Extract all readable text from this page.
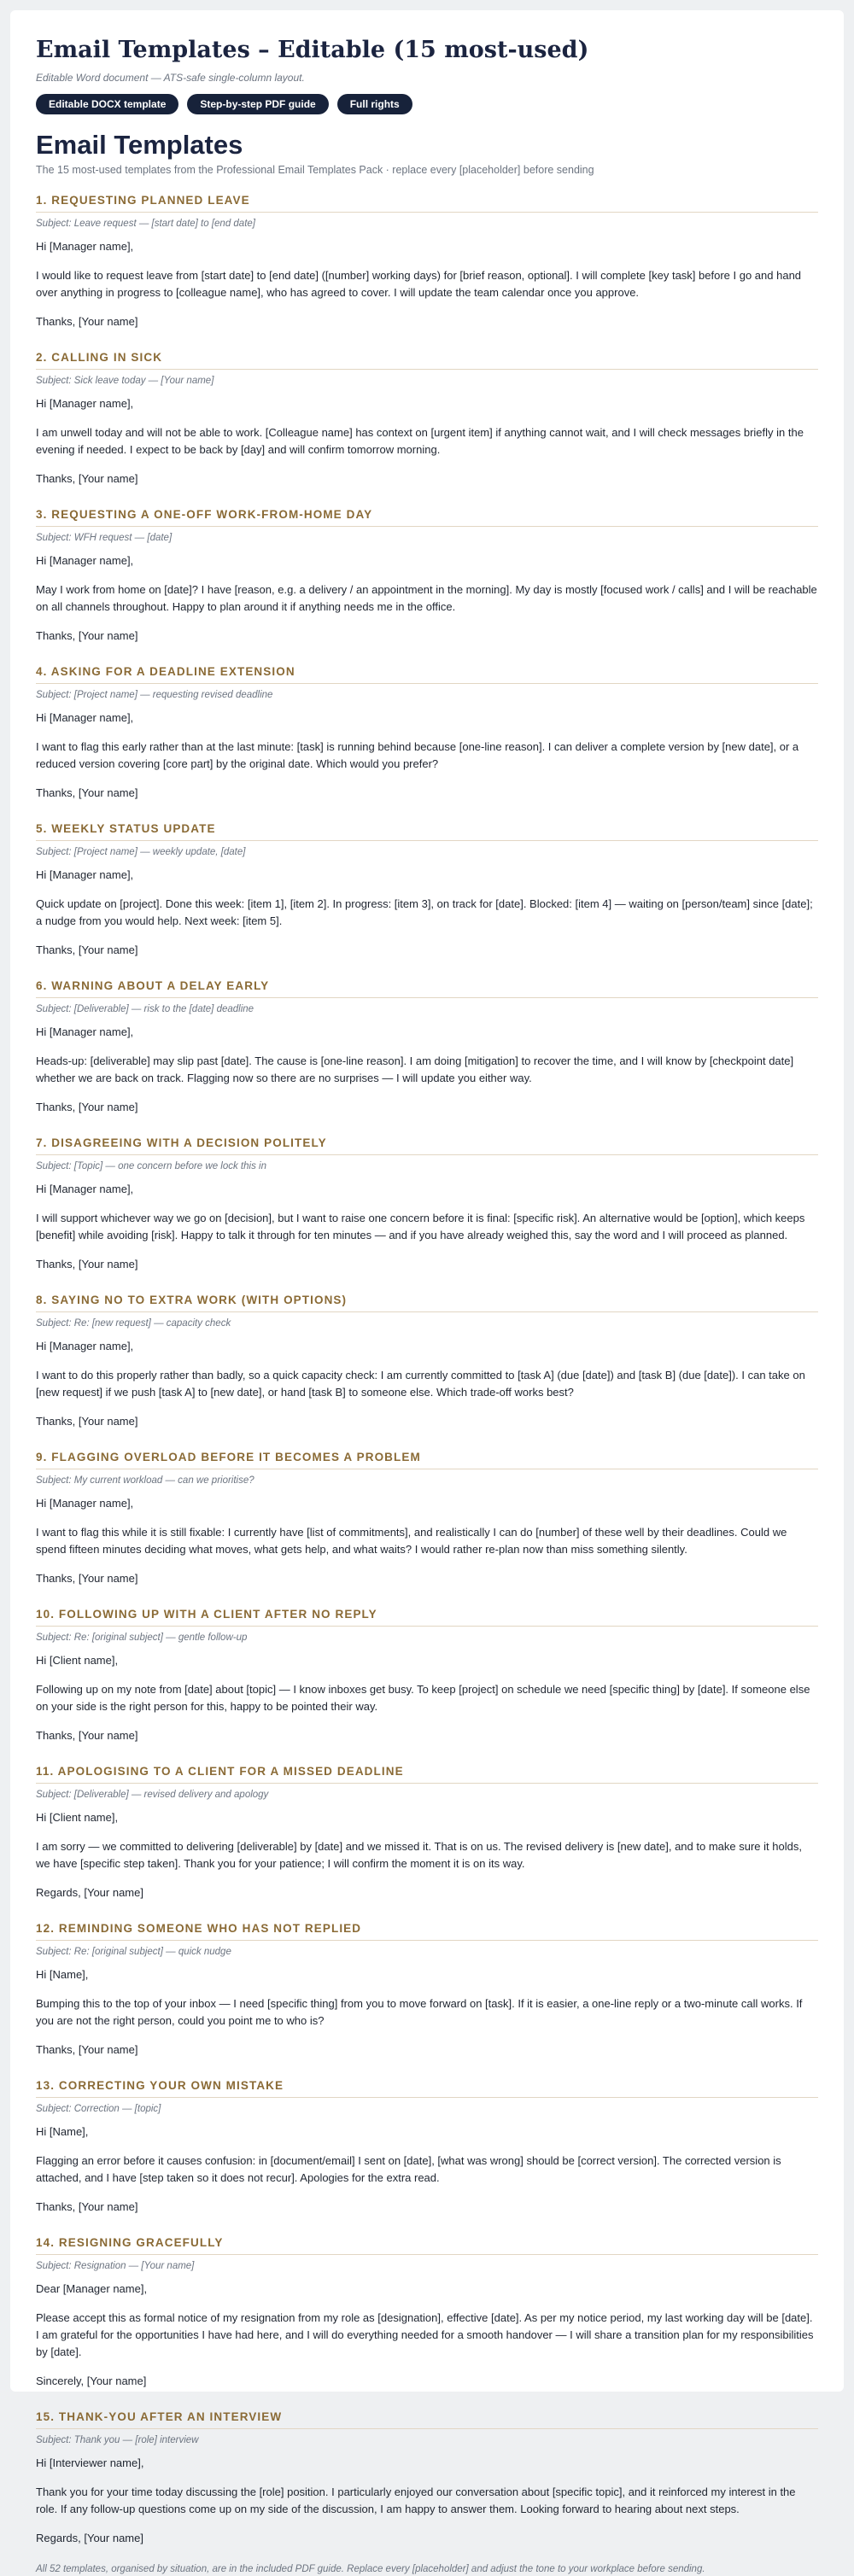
Email Templates – Editable (15 most-used)

Editable Word document — ATS-safe single-column layout.

Editable DOCX template	Step-by-step PDF guide	Full rights
Email Templates

The 15 most-used templates from the Professional Email Templates Pack · replace every [placeholder] before sending

1. REQUESTING PLANNED LEAVE
Subject: Leave request — [start date] to [end date]
Hi [Manager name],
I would like to request leave from [start date] to [end date] ([number] working days) for [brief reason, optional]. I will complete [key task] before I go and hand over anything in progress to [colleague name], who has agreed to cover. I will update the team calendar once you approve.
Thanks, [Your name]
2. CALLING IN SICK
Subject: Sick leave today — [Your name]
Hi [Manager name],
I am unwell today and will not be able to work. [Colleague name] has context on [urgent item] if anything cannot wait, and I will check messages briefly in the evening if needed. I expect to be back by [day] and will confirm tomorrow morning.
Thanks, [Your name]
3. REQUESTING A ONE-OFF WORK-FROM-HOME DAY
Subject: WFH request — [date]
Hi [Manager name],
May I work from home on [date]? I have [reason, e.g. a delivery / an appointment in the morning]. My day is mostly [focused work / calls] and I will be reachable on all channels throughout. Happy to plan around it if anything needs me in the office.
Thanks, [Your name]
4. ASKING FOR A DEADLINE EXTENSION
Subject: [Project name] — requesting revised deadline
Hi [Manager name],
I want to flag this early rather than at the last minute: [task] is running behind because [one-line reason]. I can deliver a complete version by [new date], or a reduced version covering [core part] by the original date. Which would you prefer?
Thanks, [Your name]
5. WEEKLY STATUS UPDATE
Subject: [Project name] — weekly update, [date]
Hi [Manager name],
Quick update on [project]. Done this week: [item 1], [item 2]. In progress: [item 3], on track for [date]. Blocked: [item 4] — waiting on [person/team] since [date]; a nudge from you would help. Next week: [item 5].
Thanks, [Your name]
6. WARNING ABOUT A DELAY EARLY
Subject: [Deliverable] — risk to the [date] deadline
Hi [Manager name],
Heads-up: [deliverable] may slip past [date]. The cause is [one-line reason]. I am doing [mitigation] to recover the time, and I will know by [checkpoint date] whether we are back on track. Flagging now so there are no surprises — I will update you either way.
Thanks, [Your name]
7. DISAGREEING WITH A DECISION POLITELY
Subject: [Topic] — one concern before we lock this in
Hi [Manager name],
I will support whichever way we go on [decision], but I want to raise one concern before it is final: [specific risk]. An alternative would be [option], which keeps [benefit] while avoiding [risk]. Happy to talk it through for ten minutes — and if you have already weighed this, say the word and I will proceed as planned.
Thanks, [Your name]
8. SAYING NO TO EXTRA WORK (WITH OPTIONS)
Subject: Re: [new request] — capacity check
Hi [Manager name],
I want to do this properly rather than badly, so a quick capacity check: I am currently committed to [task A] (due [date]) and [task B] (due [date]). I can take on [new request] if we push [task A] to [new date], or hand [task B] to someone else. Which trade-off works best?
Thanks, [Your name]
9. FLAGGING OVERLOAD BEFORE IT BECOMES A PROBLEM
Subject: My current workload — can we prioritise?
Hi [Manager name],
I want to flag this while it is still fixable: I currently have [list of commitments], and realistically I can do [number] of these well by their deadlines. Could we spend fifteen minutes deciding what moves, what gets help, and what waits? I would rather re-plan now than miss something silently.
Thanks, [Your name]
10. FOLLOWING UP WITH A CLIENT AFTER NO REPLY
Subject: Re: [original subject] — gentle follow-up
Hi [Client name],
Following up on my note from [date] about [topic] — I know inboxes get busy. To keep [project] on schedule we need [specific thing] by [date]. If someone else on your side is the right person for this, happy to be pointed their way.
Thanks, [Your name]
11. APOLOGISING TO A CLIENT FOR A MISSED DEADLINE
Subject: [Deliverable] — revised delivery and apology
Hi [Client name],
I am sorry — we committed to delivering [deliverable] by [date] and we missed it. That is on us. The revised delivery is [new date], and to make sure it holds, we have [specific step taken]. Thank you for your patience; I will confirm the moment it is on its way.
Regards, [Your name]
12. REMINDING SOMEONE WHO HAS NOT REPLIED
Subject: Re: [original subject] — quick nudge
Hi [Name],
Bumping this to the top of your inbox — I need [specific thing] from you to move forward on [task]. If it is easier, a one-line reply or a two-minute call works. If you are not the right person, could you point me to who is?
Thanks, [Your name]
13. CORRECTING YOUR OWN MISTAKE
Subject: Correction — [topic]
Hi [Name],
Flagging an error before it causes confusion: in [document/email] I sent on [date], [what was wrong] should be [correct version]. The corrected version is attached, and I have [step taken so it does not recur]. Apologies for the extra read.
Thanks, [Your name]
14. RESIGNING GRACEFULLY
Subject: Resignation — [Your name]
Dear [Manager name],
Please accept this as formal notice of my resignation from my role as [designation], effective [date]. As per my notice period, my last working day will be [date]. I am grateful for the opportunities I have had here, and I will do everything needed for a smooth handover — I will share a transition plan for my responsibilities by [date].
Sincerely, [Your name]
15. THANK-YOU AFTER AN INTERVIEW
Subject: Thank you — [role] interview
Hi [Interviewer name],
Thank you for your time today discussing the [role] position. I particularly enjoyed our conversation about [specific topic], and it reinforced my interest in the role. If any follow-up questions come up on my side of the discussion, I am happy to answer them. Looking forward to hearing about next steps.
Regards, [Your name]

All 52 templates, organised by situation, are in the included PDF guide. Replace every [placeholder] and adjust the tone to your workplace before sending.
